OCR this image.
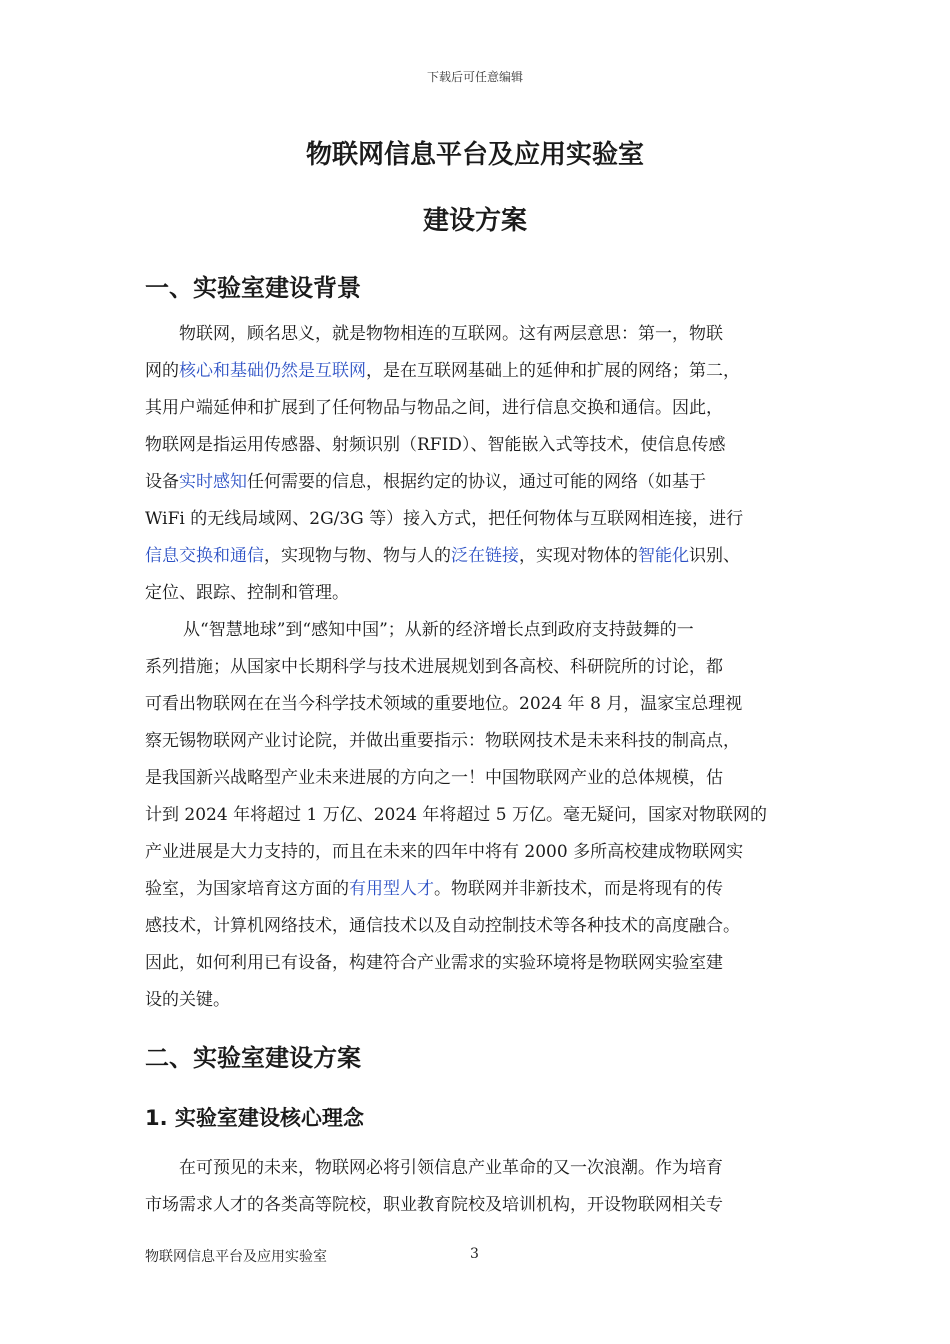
下载后可任意编辑
物联网信息平台及应用实验室
建设方案
一、实验室建设背景
物联网，顾名思义，就是物物相连的互联网。这有两层意思：第一，物联
网的核心和基础仍然是互联网，是在互联网基础上的延伸和扩展的网络；第二，
其用户端延伸和扩展到了任何物品与物品之间，进行信息交换和通信。因此，
物联网是指运用传感器、射频识别（RFID）、智能嵌入式等技术，使信息传感
设备实时感知任何需要的信息，根据约定的协议，通过可能的网络（如基于
WiFi 的无线局域网、2G/3G 等）接入方式，把任何物体与互联网相连接，进行
信息交换和通信，实现物与物、物与人的泛在链接，实现对物体的智能化识别、
定位、跟踪、控制和管理。
从“智慧地球”到“感知中国”；从新的经济增长点到政府支持鼓舞的一
系列措施；从国家中长期科学与技术进展规划到各高校、科研院所的讨论，都
可看出物联网在在当今科学技术领域的重要地位。2024 年 8 月，温家宝总理视
察无锡物联网产业讨论院，并做出重要指示：物联网技术是未来科技的制高点，
是我国新兴战略型产业未来进展的方向之一！中国物联网产业的总体规模，估
计到 2024 年将超过 1 万亿、2024 年将超过 5 万亿。毫无疑问，国家对物联网的
产业进展是大力支持的，而且在未来的四年中将有 2000 多所高校建成物联网实
验室，为国家培育这方面的有用型人才。物联网并非新技术，而是将现有的传
感技术，计算机网络技术，通信技术以及自动控制技术等各种技术的高度融合。
因此，如何利用已有设备，构建符合产业需求的实验环境将是物联网实验室建
设的关键。
二、实验室建设方案
1. 实验室建设核心理念
在可预见的未来，物联网必将引领信息产业革命的又一次浪潮。作为培育
市场需求人才的各类高等院校，职业教育院校及培训机构，开设物联网相关专
物联网信息平台及应用实验室	3
